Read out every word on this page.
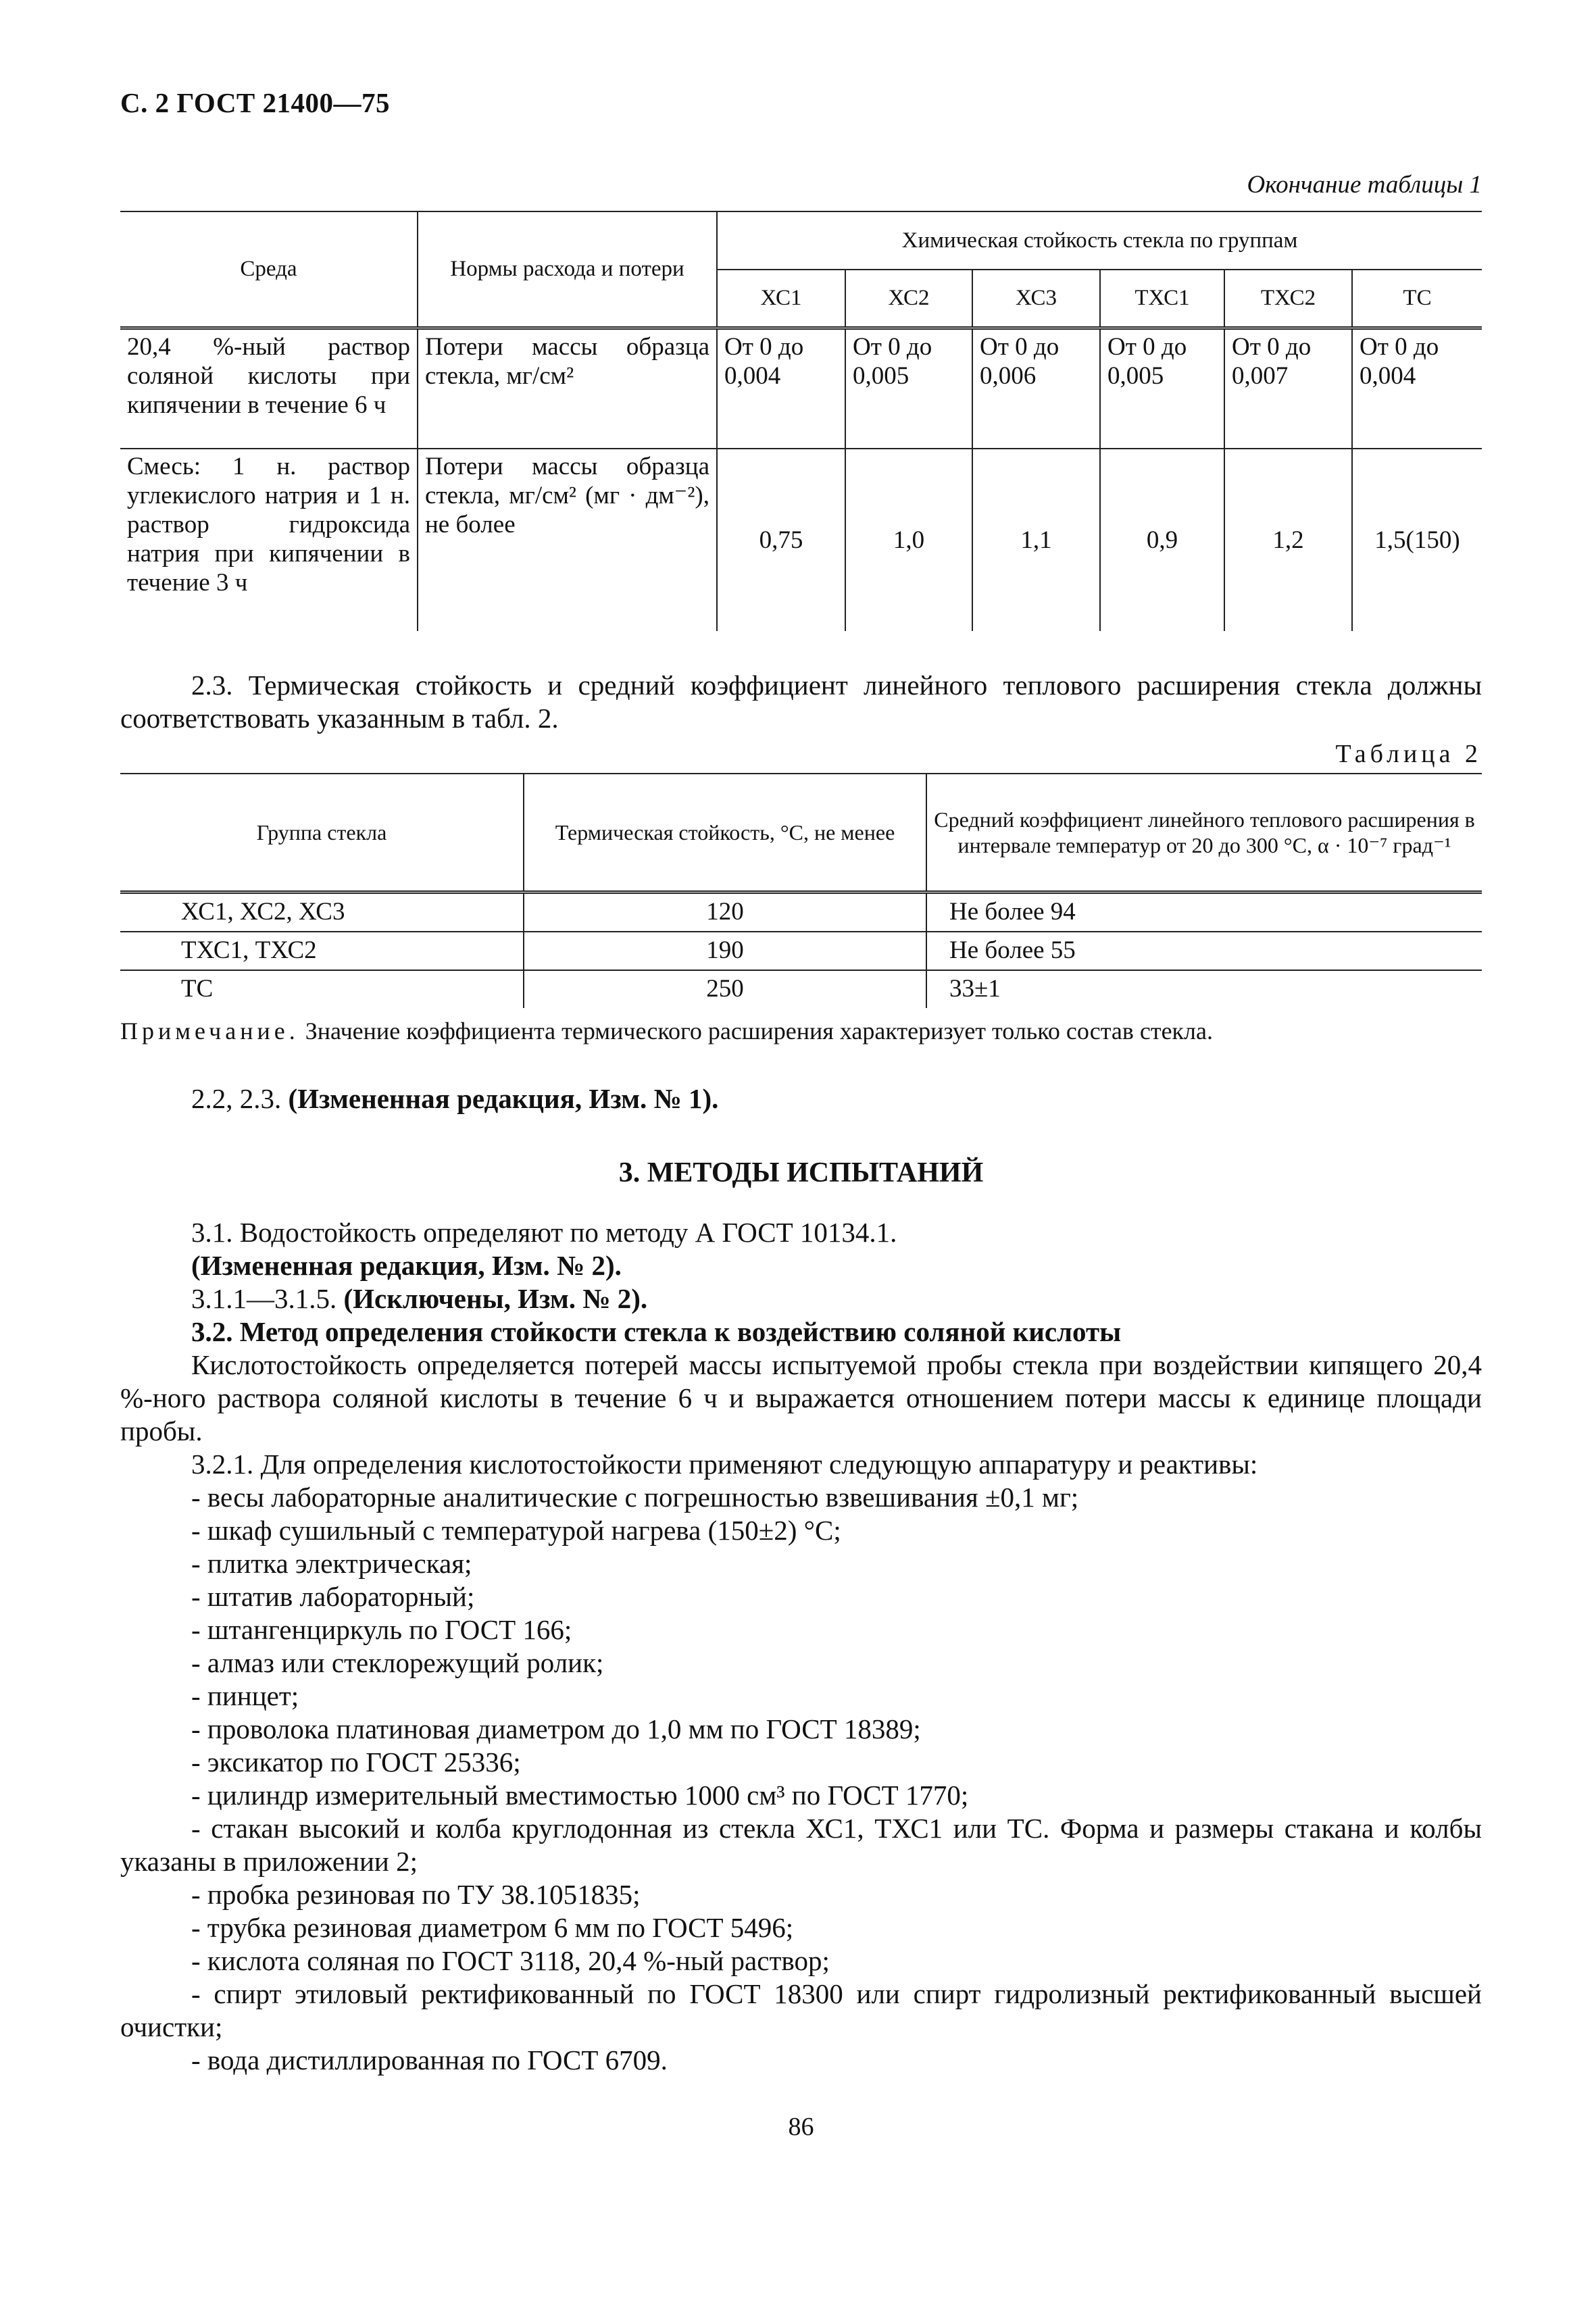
С. 2 ГОСТ 21400—75
Окончание таблицы 1
Среда	Нормы расхода и потери	Химическая стойкость стекла по группам					
		ХС1	ХС2	ХС3	ТХС1	ТХС2	ТС
20,4 %-ный раствор соляной кислоты при кипячении в течение 6 ч	Потери массы образца стекла, мг/см²	От 0 до 0,004	От 0 до 0,005	От 0 до 0,006	От 0 до 0,005	От 0 до 0,007	От 0 до 0,004
Смесь: 1 н. раствор углекислого натрия и 1 н. раствор гидроксида натрия при кипячении в течение 3 ч	Потери массы образца стекла, мг/см² (мг · дм⁻²), не более	0,75	1,0	1,1	0,9	1,2	1,5(150)
2.3. Термическая стойкость и средний коэффициент линейного теплового расширения стекла должны соответствовать указанным в табл. 2.
Таблица 2
Группа стекла	Термическая стойкость, °С, не менее	Средний коэффициент линейного теплового расширения в интервале температур от 20 до 300 °С, α · 10⁻⁷ град⁻¹
ХС1, ХС2, ХС3	120	Не более 94
ТХС1, ТХС2	190	Не более 55
ТС	250	33±1
Примечание. Значение коэффициента термического расширения характеризует только состав стекла.
2.2, 2.3. (Измененная редакция, Изм. № 1).
3. МЕТОДЫ ИСПЫТАНИЙ
3.1. Водостойкость определяют по методу А ГОСТ 10134.1.
(Измененная редакция, Изм. № 2).
3.1.1—3.1.5. (Исключены, Изм. № 2).
3.2. Метод определения стойкости стекла к воздействию соляной кислоты
Кислотостойкость определяется потерей массы испытуемой пробы стекла при воздействии кипящего 20,4 %-ного раствора соляной кислоты в течение 6 ч и выражается отношением потери массы к единице площади пробы.
3.2.1. Для определения кислотостойкости применяют следующую аппаратуру и реактивы:
- весы лабораторные аналитические с погрешностью взвешивания ±0,1 мг;
- шкаф сушильный с температурой нагрева (150±2) °С;
- плитка электрическая;
- штатив лабораторный;
- штангенциркуль по ГОСТ 166;
- алмаз или стеклорежущий ролик;
- пинцет;
- проволока платиновая диаметром до 1,0 мм по ГОСТ 18389;
- эксикатор по ГОСТ 25336;
- цилиндр измерительный вместимостью 1000 см³ по ГОСТ 1770;
- стакан высокий и колба круглодонная из стекла ХС1, ТХС1 или ТС. Форма и размеры стакана и колбы указаны в приложении 2;
- пробка резиновая по ТУ 38.1051835;
- трубка резиновая диаметром 6 мм по ГОСТ 5496;
- кислота соляная по ГОСТ 3118, 20,4 %-ный раствор;
- спирт этиловый ректификованный по ГОСТ 18300 или спирт гидролизный ректификованный высшей очистки;
- вода дистиллированная по ГОСТ 6709.
86
